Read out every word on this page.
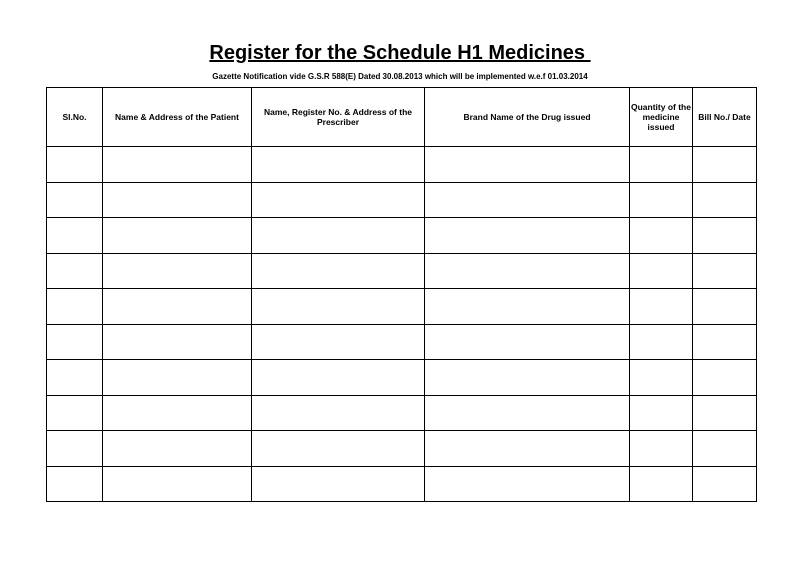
Register for the Schedule H1 Medicines
Gazette Notification vide G.S.R 588(E) Dated 30.08.2013 which will be implemented w.e.f 01.03.2014
Sl.No.	Name & Address of the Patient	Name, Register No. & Address of the Prescriber	Brand Name of the Drug issued	Quantity of the medicine issued	Bill No./ Date
